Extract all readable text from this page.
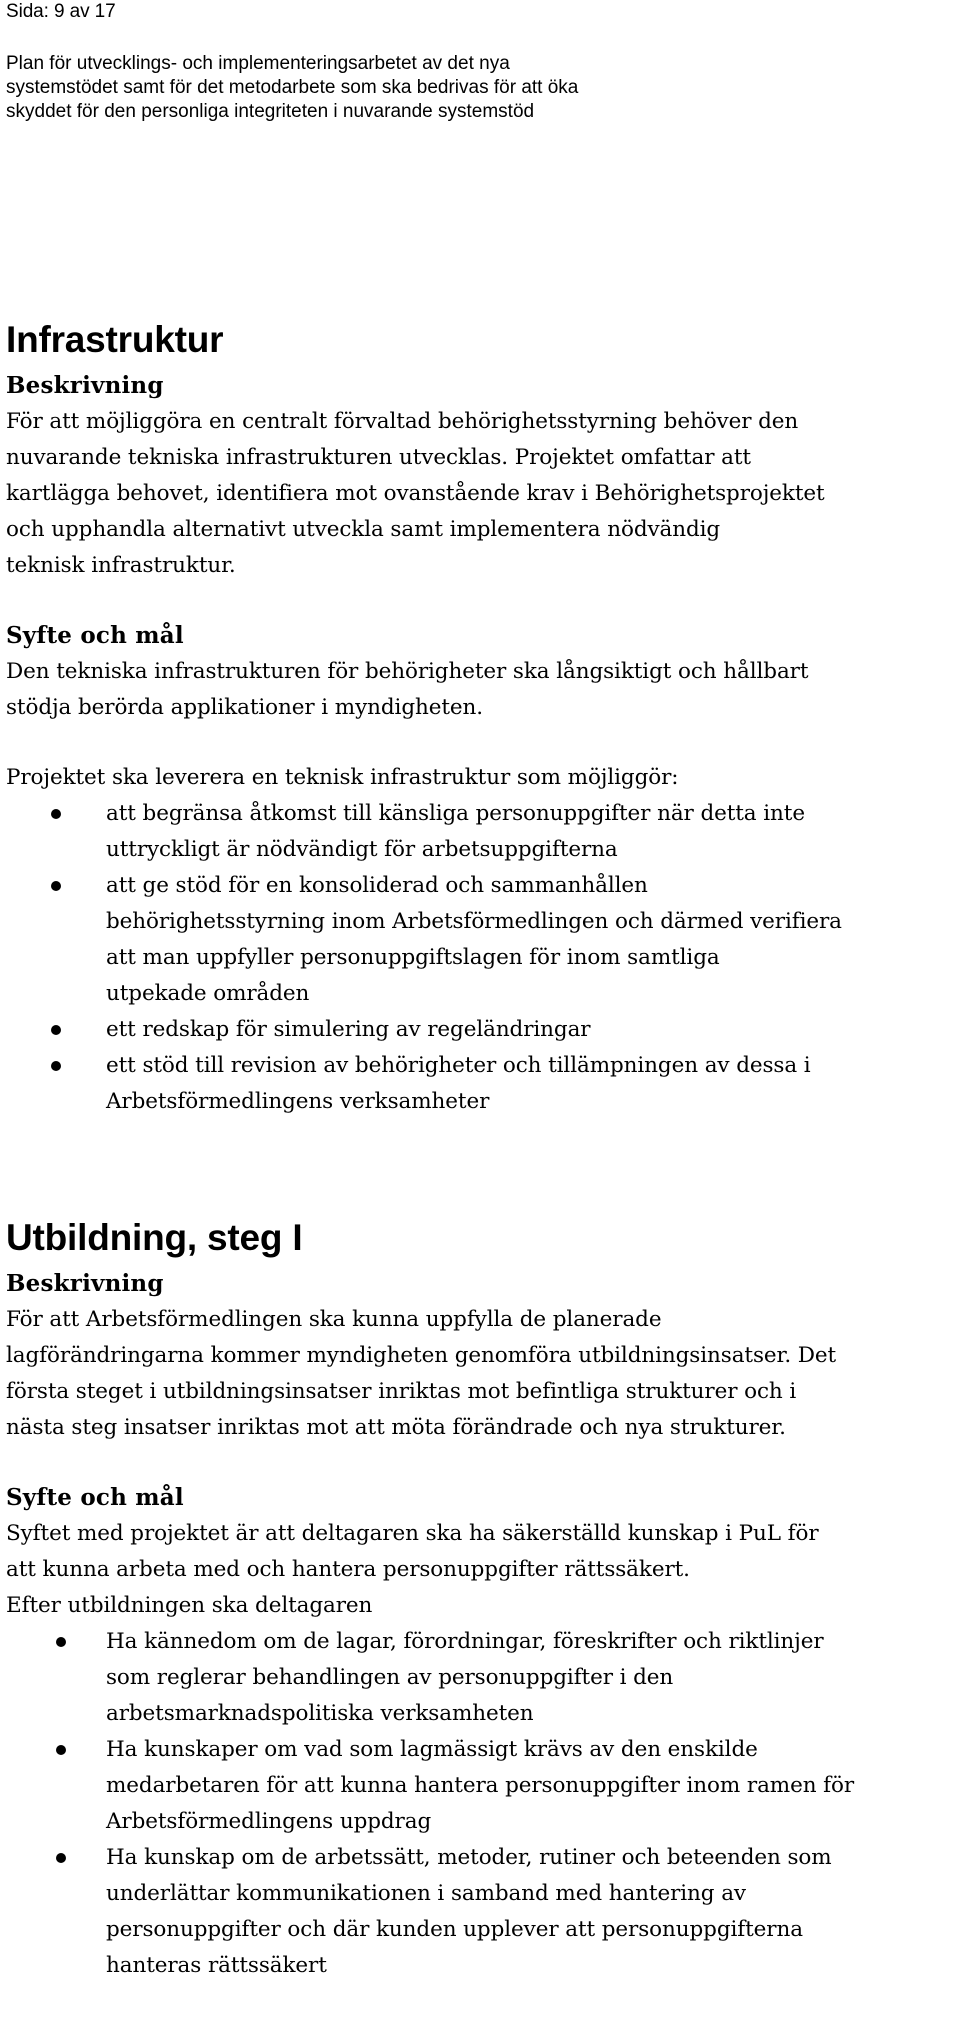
Sida: 9 av 17

Plan för utvecklings- och implementeringsarbetet av det nya
systemstödet samt för det metodarbete som ska bedrivas för att öka
skyddet för den personliga integriteten i nuvarande systemstöd
Infrastruktur
Beskrivning

För att möjliggöra en centralt förvaltad behörighetsstyrning behöver den

nuvarande tekniska infrastrukturen utvecklas. Projektet omfattar att

kartlägga behovet, identifiera mot ovanstående krav i Behörighetsprojektet

och upphandla alternativt utveckla samt implementera nödvändig

teknisk infrastruktur.

Syfte och mål

Den tekniska infrastrukturen för behörigheter ska långsiktigt och hållbart

stödja berörda applikationer i myndigheten.

Projektet ska leverera en teknisk infrastruktur som möjliggör:

att begränsa åtkomst till känsliga personuppgifter när detta inte
uttryckligt är nödvändigt för arbetsuppgifterna
att ge stöd för en konsoliderad och sammanhållen
behörighetsstyrning inom Arbetsförmedlingen och därmed verifiera
att man uppfyller personuppgiftslagen för inom samtliga
utpekade områden
ett redskap för simulering av regeländringar
ett stöd till revision av behörigheter och tillämpningen av dessa i
Arbetsförmedlingens verksamheter
Utbildning, steg I
Beskrivning

För att Arbetsförmedlingen ska kunna uppfylla de planerade

lagförändringarna kommer myndigheten genomföra utbildningsinsatser. Det

första steget i utbildningsinsatser inriktas mot befintliga strukturer och i

nästa steg insatser inriktas mot att möta förändrade och nya strukturer.

Syfte och mål

Syftet med projektet är att deltagaren ska ha säkerställd kunskap i PuL för

att kunna arbeta med och hantera personuppgifter rättssäkert.

Efter utbildningen ska deltagaren

Ha kännedom om de lagar, förordningar, föreskrifter och riktlinjer
som reglerar behandlingen av personuppgifter i den
arbetsmarknadspolitiska verksamheten
Ha kunskaper om vad som lagmässigt krävs av den enskilde
medarbetaren för att kunna hantera personuppgifter inom ramen för
Arbetsförmedlingens uppdrag
Ha kunskap om de arbetssätt, metoder, rutiner och beteenden som
underlättar kommunikationen i samband med hantering av
personuppgifter och där kunden upplever att personuppgifterna
hanteras rättssäkert
